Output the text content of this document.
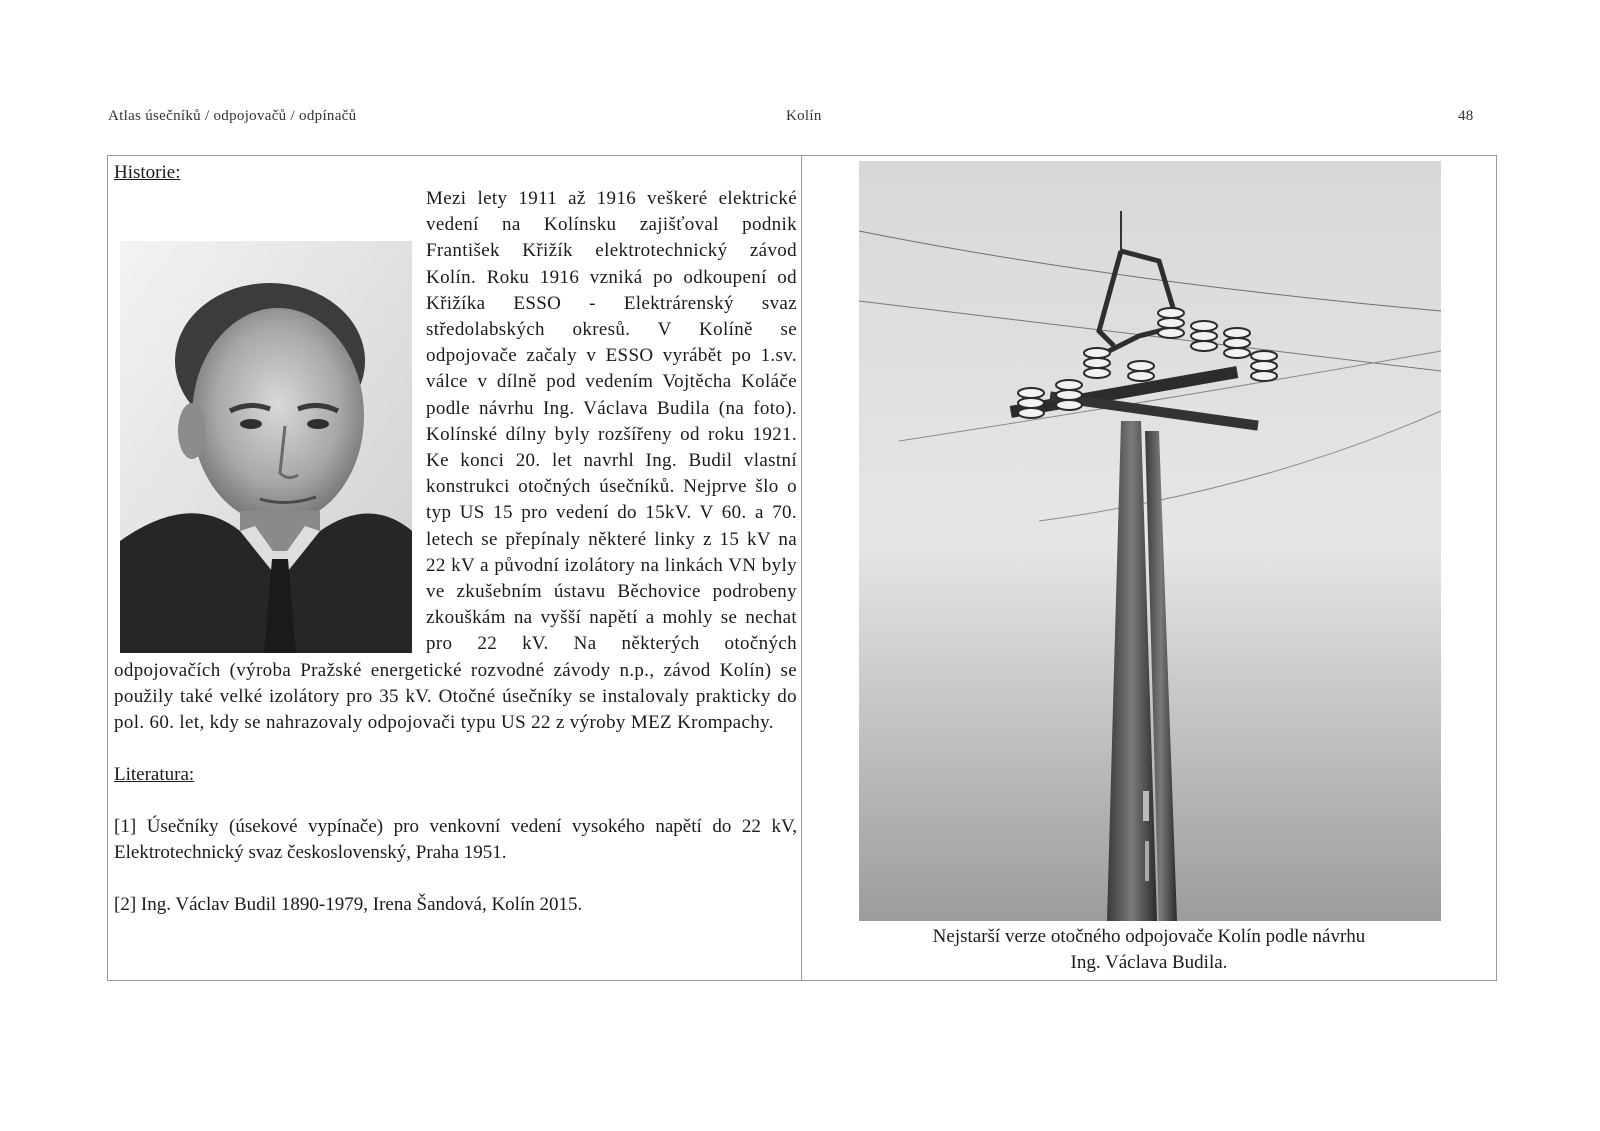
Atlas úsečníků / odpojovačů / odpínačů	Kolín	48

Historie:

Mezi lety 1911 až 1916 veškeré elektrické vedení na Kolínsku zajišťoval podnik František Křižík elektrotechnický závod Kolín. Roku 1916 vzniká po odkoupení od Křižíka ESSO - Elektrárenský svaz středolabských okresů. V Kolíně se odpojovače začaly v ESSO vyrábět po 1.sv. válce v dílně pod vedením Vojtěcha Koláče podle návrhu Ing. Václava Budila (na foto). Kolínské dílny byly rozšířeny od roku 1921. Ke konci 20. let navrhl Ing. Budil vlastní konstrukci otočných úsečníků. Nejprve šlo o typ US 15 pro vedení do 15kV. V 60. a 70. letech se přepínaly některé linky z 15 kV na 22 kV a původní izolátory na linkách VN byly ve zkušebním ústavu Běchovice podrobeny zkouškám na vyšší napětí a mohly se nechat pro 22 kV. Na některých otočných odpojovačích (výroba Pražské energetické rozvodné závody n.p., závod Kolín) se použily také velké izolátory pro 35 kV. Otočné úsečníky se instalovaly prakticky do pol. 60. let, kdy se nahrazovaly odpojovači typu US 22 z výroby MEZ Krompachy.

Literatura:

[1] Úsečníky (úsekové vypínače) pro venkovní vedení vysokého napětí do 22 kV, Elektrotechnický svaz československý, Praha 1951.

[2] Ing. Václav Budil 1890-1979, Irena Šandová, Kolín 2015.

Nejstarší verze otočného odpojovače Kolín podle návrhu
Ing. Václava Budila.
